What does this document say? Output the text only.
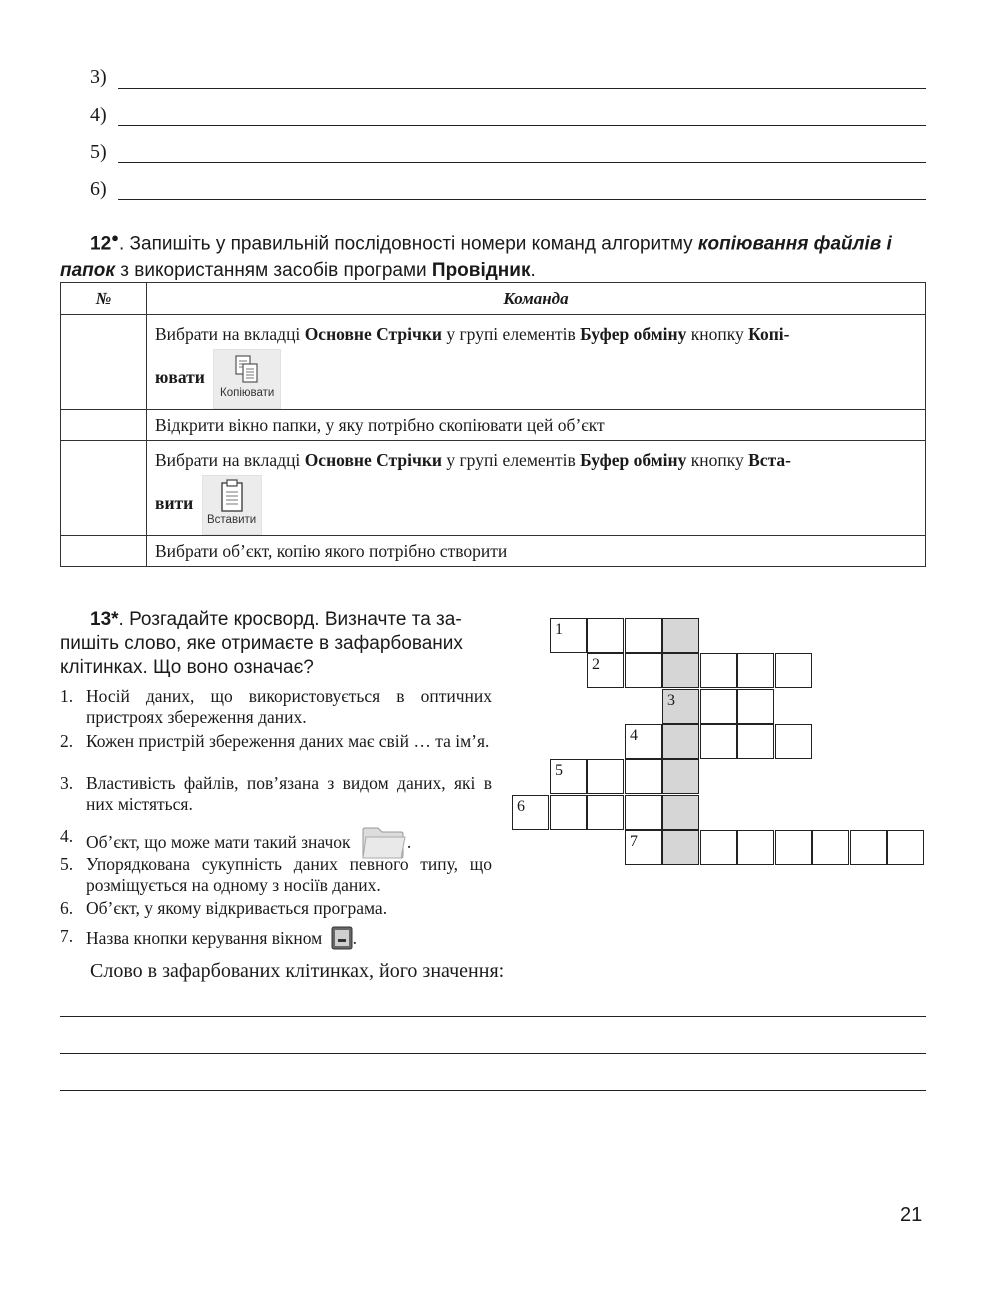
3)
4)
5)
6)
12●. Запишіть у правильній послідовності номери команд алгоритму копіювання файлів і папок з використанням засобів програми Провідник.
№	Команда
	Вибрати на вкладці Основне Стрічки у групі елементів Буфер обміну кнопку Копі-
ювати
Копіювати

	Відкрити вікно папки, у яку потрібно скопіювати цей об’єкт
	Вибрати на вкладці Основне Стрічки у групі елементів Буфер обміну кнопку Вста-
вити
Вставити

	Вибрати об’єкт, копію якого потрібно створити
13*. Розгадайте кросворд. Визначте та за-
пишіть слово, яке отримаєте в зафарбованих
клітинках. Що воно означає?
1. Носій даних, що використовується в оптичних пристроях збереження даних.
2. Кожен пристрій збереження даних має свій … та ім’я.
3. Властивість файлів, пов’язана з видом даних, які в них містяться.
4. Об’єкт, що може мати такий значок	.
5. Упорядкована сукупність даних певного типу, що розміщується на одному з носіїв даних.
6. Об’єкт, у якому відкривається програма.
7. Назва кнопки керування вікном .
1
2
3
4
5
6
7
Слово в зафарбованих клітинках, його значення:
21
